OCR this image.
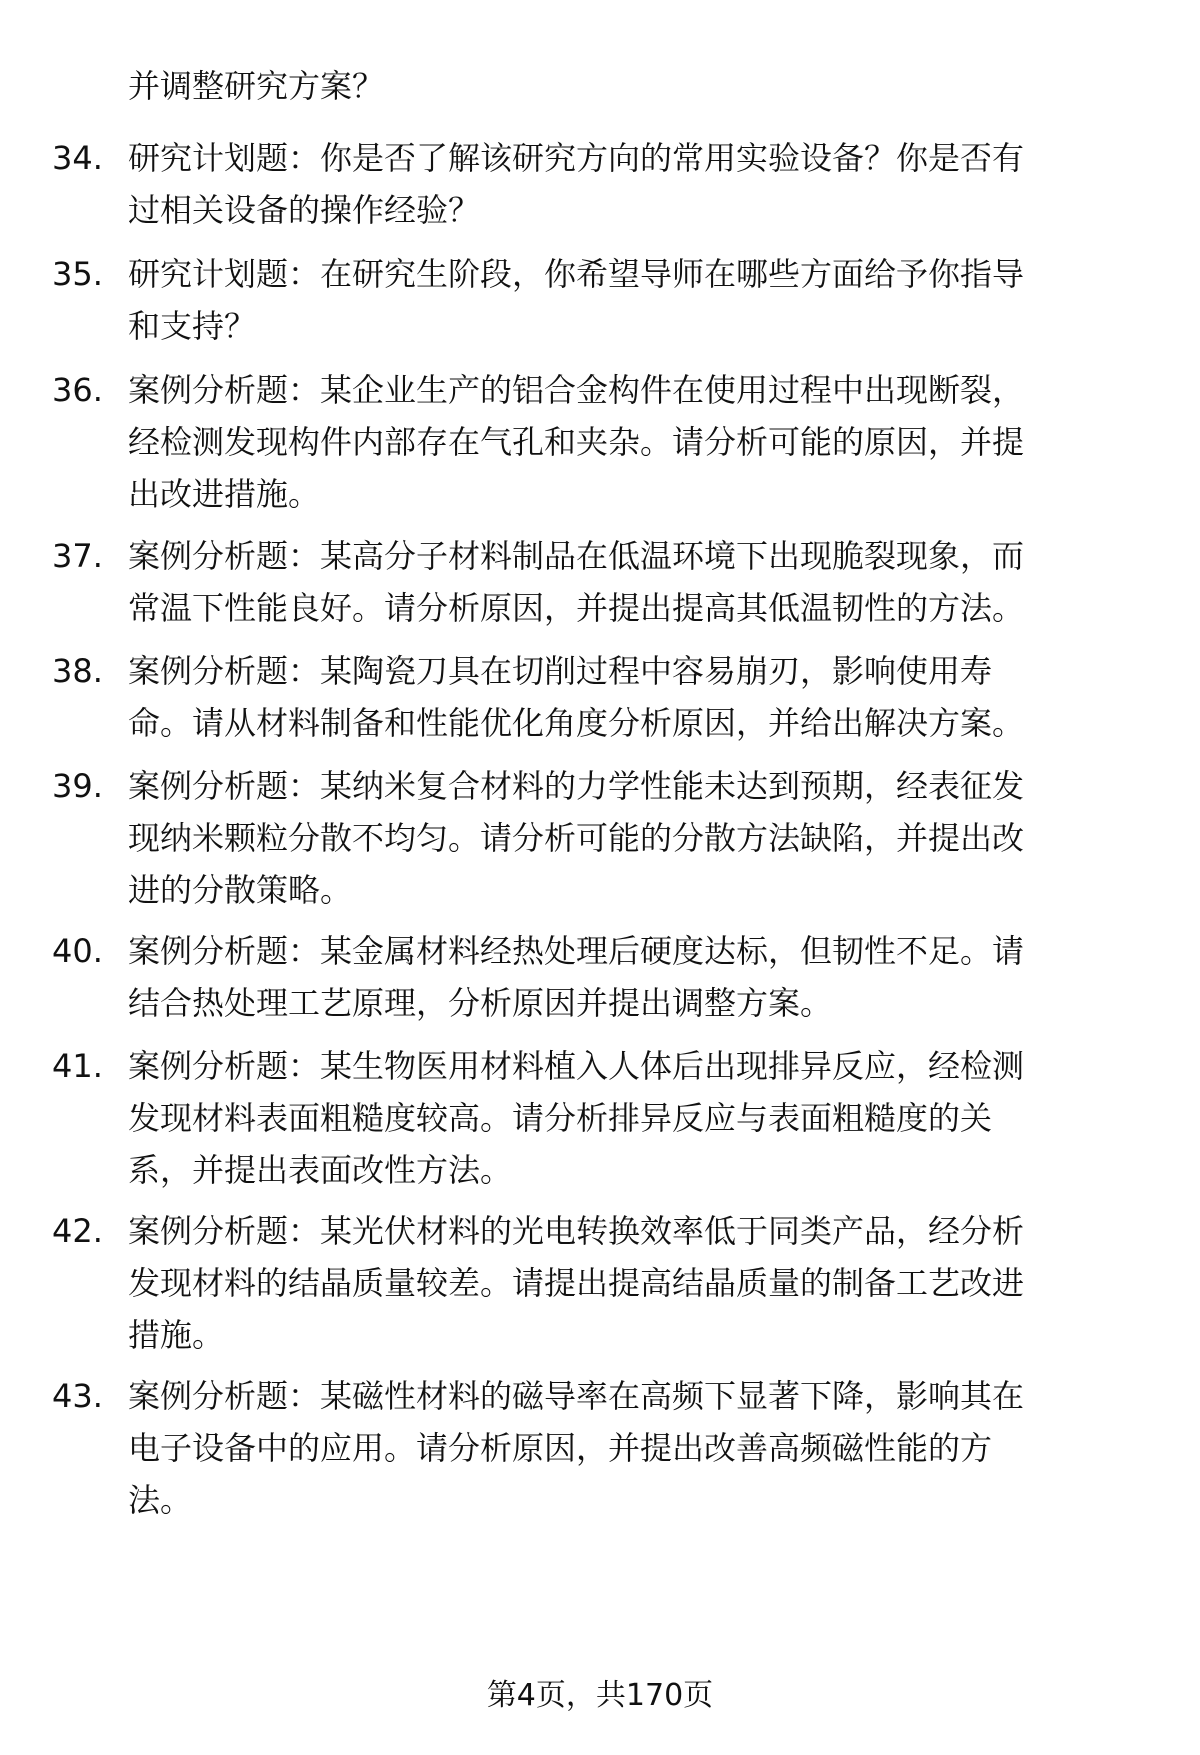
并调整研究方案？
34. 研究计划题：你是否了解该研究方向的常用实验设备？你是否有
过相关设备的操作经验？
35. 研究计划题：在研究生阶段，你希望导师在哪些方面给予你指导
和支持？
36. 案例分析题：某企业生产的铝合金构件在使用过程中出现断裂，
经检测发现构件内部存在气孔和夹杂。请分析可能的原因，并提
出改进措施。
37. 案例分析题：某高分子材料制品在低温环境下出现脆裂现象，而
常温下性能良好。请分析原因，并提出提高其低温韧性的方法。
38. 案例分析题：某陶瓷刀具在切削过程中容易崩刃，影响使用寿
命。请从材料制备和性能优化角度分析原因，并给出解决方案。
39. 案例分析题：某纳米复合材料的力学性能未达到预期，经表征发
现纳米颗粒分散不均匀。请分析可能的分散方法缺陷，并提出改
进的分散策略。
40. 案例分析题：某金属材料经热处理后硬度达标，但韧性不足。请
结合热处理工艺原理，分析原因并提出调整方案。
41. 案例分析题：某生物医用材料植入人体后出现排异反应，经检测
发现材料表面粗糙度较高。请分析排异反应与表面粗糙度的关
系，并提出表面改性方法。
42. 案例分析题：某光伏材料的光电转换效率低于同类产品，经分析
发现材料的结晶质量较差。请提出提高结晶质量的制备工艺改进
措施。
43. 案例分析题：某磁性材料的磁导率在高频下显著下降，影响其在
电子设备中的应用。请分析原因，并提出改善高频磁性能的方
法。
第4页，共170页
